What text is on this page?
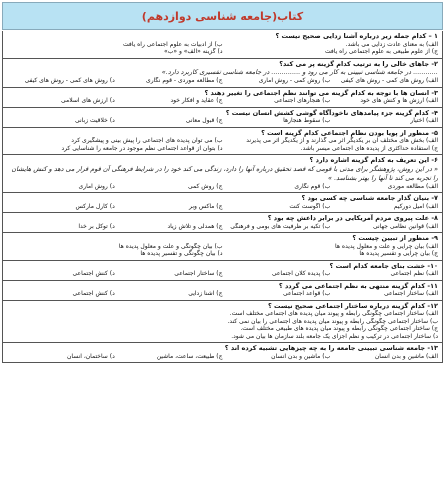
کتاب(جامعه شناسی دوازدهم)
۱ – کدام جمله زیر درباره آشنا زدایی صحیح نیست ؟
الف) به معنای عادت زدایی می باشد.
ب) از ادبیات به علوم اجتماعی راه یافت
ج) از علوم طبیعی به علوم اجتماعی راه یافت
د) گزینه «الف» و «ب»
۲- جاهای خالی را به ترتیب کدام گزینه پر می کند؟
............ در جامعه شناسی تبیینی به کار می رود و .............. در جامعه شناسی تفسیری کاربرد دارد.»
الف) روش های کمی - روش های کیفی
ب) روش کمی - روش آماری
ج) مطالعه موردی - قوم نگاری
د) روش های کمی - روش های کیفی
۳- انسان ها با توجه به کدام گزینه می توانند نظم اجتماعی را تغییر دهند ؟
الف) ارزش ها و کنش های خود
ب) هنجارهای اجتماعی
ج) عقاید و افکار خود
د) ارزش های اسلامی
۴- کدام گزینه جزء پیامدهای ناخودآگاه گوشی کشش انسان نیست ؟
الف) اختیار
ب) سقوط هنجارها
ج) قبول معانی
د) خلاقیت زبانی
۵- منظور از پویا بودن نظام اجتماعی کدام گزینه است ؟
الف) بخش های مختلف آن بر یکدیگر اثر می گذارند و از یکدیگر اثر می پذیرند
ب) می توان پدیده های اجتماعی را پیش بینی و پیشگیری کرد
ج) استفاده حداکثری از پدیده های اجتماعی میسر باشد.
د) بتوان از قواعد اجتماعی نظم موجود در جامعه را شناسایی کرد
۶- این تعریف به کدام گزینه اشاره دارد ؟
« در این روش، پژوهشگر برای مدتی با قومی که قصد تحقیق درباره آنها را دارد، زندگی می کند خود را در شرایط فرهنگی آن قوم قرار می دهد و کنش هایشان را تجربه می کند تا آنها را بهتر بشناسد. »
الف) مطالعه موردی
ب) قوم نگاری
ج) روش کمی
د) روش آماری
۷- بنیان گذار جامعه شناسی چه کسی بود ؟
الف) امیل دورکیم
ب) آگوست کنت
ج) ماکس وبر
د) کارل مارکس
۸- علت پیروی مردم آمریکایی در برابر داعش چه بود ؟
الف) قوانین نظامی جهانی
ب) تکیه بر ظرفیت های بومی و فرهنگی
ج) همدلی و تلاش زیاد
د) توکل بر خدا
۹- منظور از تبیین چیست ؟
الف) بیان چرایی و علت و معلول پدیده ها
ب) بیان چگونگی و علت و معلول پدیده ها
ج) بیان چرایی و تفسیر پدیده ها
د) بیان چگونگی و تفسیر پدیده ها
۱۰- خشت بنای جامعه کدام است ؟
الف) نظم اجتماعی
ب) پدیده کلان اجتماعی
ج) ساختار اجتماعی
د) کنش اجتماعی
۱۱- کدام گزینه منتهی به نظم اجتماعی می گردد ؟
الف) ساختار اجتماعی
ب) قواعد اجتماعی
ج) آشنا زدایی
د) کنش اجتماعی
۱۲- کدام گزینه درباره ساختار اجتماعی صحیح نیست ؟
الف) ساختار اجتماعی چگونگی رابطه و پیوند میان پدیده های اجتماعی مختلف است.
ب) ساختار اجتماعی چگونگی رابطه و پیوند میان پدیده های اجتماعی را بیان نمی کند.
ج) ساختار اجتماعی چگونگی رابطه و پیوند میان پدیده های طبیعی مختلف است.
د) ساختار اجتماعی در ترکیب و نظم اجزای یک جامعه بلند سازمان ها بیان می شود.
۱۳- جامعه شناسی تبیینی جامعه را به چه چیزهایی تشبیه کرده اند ؟
الف) ماشین و بدن انسان
ب) ماشین و بدن انسان
ج) طبیعت، ساعت، ماشین
د) ساختمان، انسان
